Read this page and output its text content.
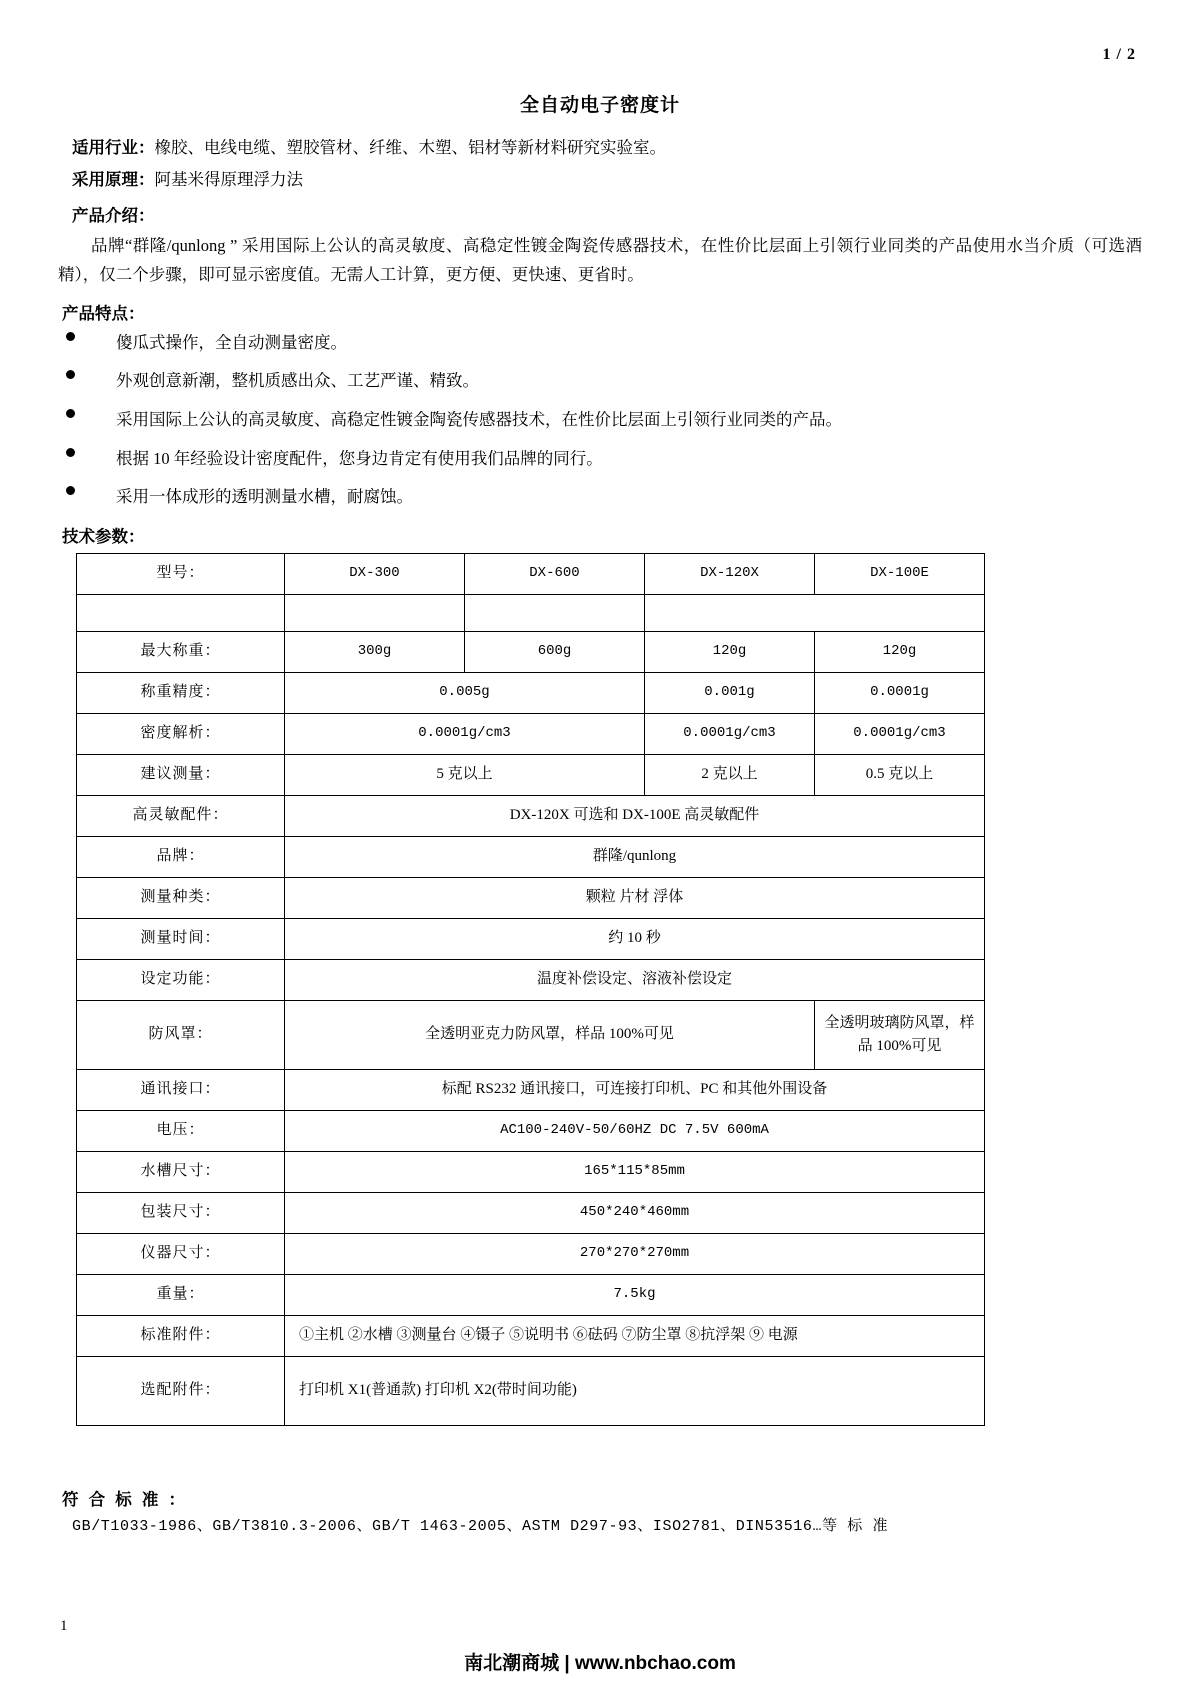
1 / 2
全自动电子密度计

适用行业：橡胶、电线电缆、塑胶管材、纤维、木塑、铝材等新材料研究实验室。

采用原理：阿基米得原理浮力法

产品介绍：

品牌“群隆/qunlong ” 采用国际上公认的高灵敏度、高稳定性镀金陶瓷传感器技术，在性价比层面上引领行业同类的产品使用水当介质（可选酒精），仅二个步骤，即可显示密度值。无需人工计算，更方便、更快速、更省时。

产品特点：
傻瓜式操作，全自动测量密度。
外观创意新潮，整机质感出众、工艺严谨、精致。
采用国际上公认的高灵敏度、高稳定性镀金陶瓷传感器技术，在性价比层面上引领行业同类的产品。
根据 10 年经验设计密度配件，您身边肯定有使用我们品牌的同行。
采用一体成形的透明测量水槽，耐腐蚀。
技术参数：
型号：	DX-300	DX-600	DX-120X	DX-100E

最大称重：	300g	600g	120g	120g
称重精度：	0.005g		0.001g	0.0001g
密度解析：	0.0001g/cm3		0.0001g/cm3	0.0001g/cm3
建议测量：	5 克以上		2 克以上	0.5 克以上
高灵敏配件：	DX-120X 可选和 DX-100E 高灵敏配件			
品牌：	群隆/qunlong			
测量种类：	颗粒 片材 浮体			
测量时间：	约 10 秒			
设定功能：	温度补偿设定、溶液补偿设定			
防风罩：	全透明亚克力防风罩，样品 100%可见			全透明玻璃防风罩，样品 100%可见
通讯接口：	标配 RS232 通讯接口，可连接打印机、PC 和其他外围设备			
电压：	AC100-240V-50/60HZ DC 7.5V 600mA			
水槽尺寸：	165*115*85mm			
包装尺寸：	450*240*460mm			
仪器尺寸：	270*270*270mm			
重量：	7.5kg			
标准附件：	①主机 ②水槽 ③测量台 ④镊子 ⑤说明书 ⑥砝码 ⑦防尘罩 ⑧抗浮架 ⑨ 电源			
选配附件：	打印机 X1(普通款) 打印机 X2(带时间功能)			
符 合 标 准 ：
GB/T1033-1986、GB/T3810.3-2006、GB/T 1463-2005、ASTM D297-93、ISO2781、DIN53516…等 标 准
1
南北潮商城 | www.nbchao.com
